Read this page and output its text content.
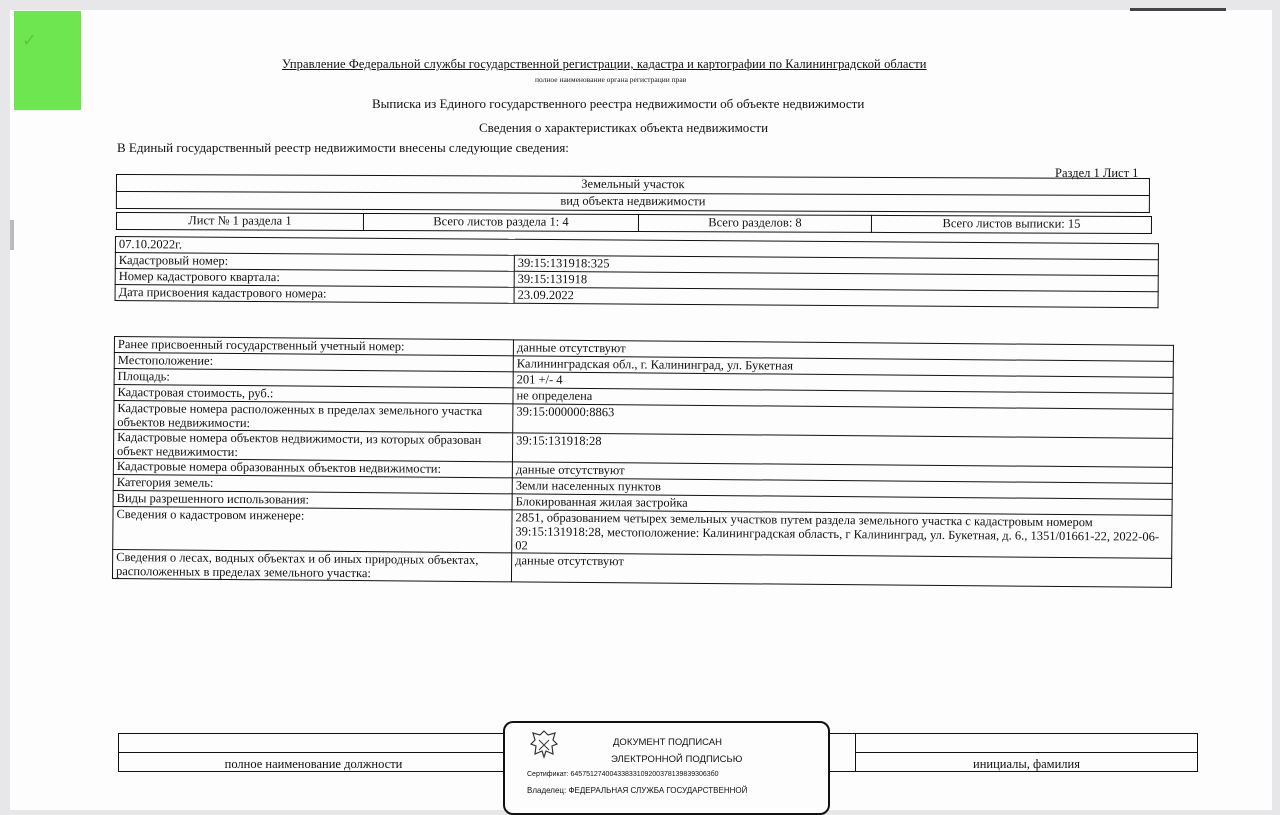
✓
Управление Федеральной службы государственной регистрации, кадастра и картографии по Калининградской области
полное наименование органа регистрации прав
Выписка из Единого государственного реестра недвижимости об объекте недвижимости
Сведения о характеристиках объекта недвижимости
В Единый государственный реестр недвижимости внесены следующие сведения:
Раздел 1 Лист 1
Земельный участок
вид объекта недвижимости
Лист № 1 раздела 1	Всего листов раздела 1: 4	Всего разделов: 8	Всего листов выписки: 15
07.10.2022г.	
Кадастровый номер:	39:15:131918:325
Номер кадастрового квартала:	39:15:131918
Дата присвоения кадастрового номера:	23.09.2022
Ранее присвоенный государственный учетный номер:	данные отсутствуют
Местоположение:	Калининградская обл., г. Калининград, ул. Букетная
Площадь:	201 +/- 4
Кадастровая стоимость, руб.:	не определена
Кадастровые номера расположенных в пределах земельного участка объектов недвижимости:	39:15:000000:8863
Кадастровые номера объектов недвижимости, из которых образован объект недвижимости:	39:15:131918:28
Кадастровые номера образованных объектов недвижимости:	данные отсутствуют
Категория земель:	Земли населенных пунктов
Виды разрешенного использования:	Блокированная жилая застройка
Сведения о кадастровом инженере:	2851, образованием четырех земельных участков путем раздела земельного участка с кадастровым номером 39:15:131918:28, местоположение: Калининградская область, г Калининград, ул. Букетная, д. 6., 1351/01661-22, 2022-06-02
Сведения о лесах, водных объектах и об иных природных объектах, расположенных в пределах земельного участка:	данные отсутствуют

полное наименование должности		инициалы, фамилия
ДОКУМЕНТ ПОДПИСАН
ЭЛЕКТРОННОЙ ПОДПИСЬЮ
Сертификат: 645751274004338331092003781398393063б0
Владелец: ФЕДЕРАЛЬНАЯ СЛУЖБА ГОСУДАРСТВЕННОЙ
